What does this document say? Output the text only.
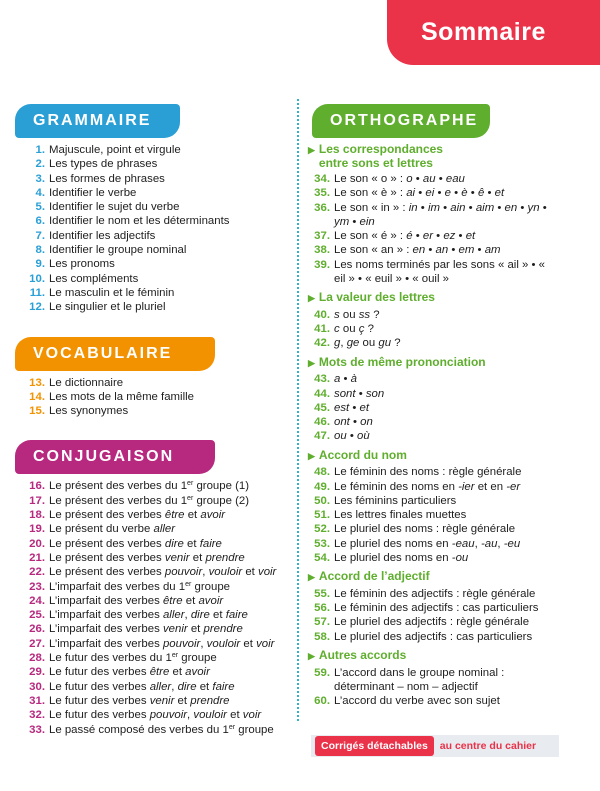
Sommaire
GRAMMAIRE
1. Majuscule, point et virgule
2. Les types de phrases
3. Les formes de phrases
4. Identifier le verbe
5. Identifier le sujet du verbe
6. Identifier le nom et les déterminants
7. Identifier les adjectifs
8. Identifier le groupe nominal
9. Les pronoms
10. Les compléments
11. Le masculin et le féminin
12. Le singulier et le pluriel
VOCABULAIRE
13. Le dictionnaire
14. Les mots de la même famille
15. Les synonymes
CONJUGAISON
16. Le présent des verbes du 1er groupe (1)
17. Le présent des verbes du 1er groupe (2)
18. Le présent des verbes être et avoir
19. Le présent du verbe aller
20. Le présent des verbes dire et faire
21. Le présent des verbes venir et prendre
22. Le présent des verbes pouvoir, vouloir et voir
23. L’imparfait des verbes du 1er groupe
24. L’imparfait des verbes être et avoir
25. L’imparfait des verbes aller, dire et faire
26. L’imparfait des verbes venir et prendre
27. L’imparfait des verbes pouvoir, vouloir et voir
28. Le futur des verbes du 1er groupe
29. Le futur des verbes être et avoir
30. Le futur des verbes aller, dire et faire
31. Le futur des verbes venir et prendre
32. Le futur des verbes pouvoir, vouloir et voir
33. Le passé composé des verbes du 1er groupe
ORTHOGRAPHE
▶ Les correspondances entre sons et lettres
34. Le son « o » : o • au • eau
35. Le son « è » : ai • ei • e • è • ê • et
36. Le son « in » : in • im • ain • aim • en • yn • ym • ein
37. Le son « é » : é • er • ez • et
38. Le son « an » : en • an • em • am
39. Les noms terminés par les sons « ail » • « eil » • « euil » • « ouil »
▶ La valeur des lettres
40. s ou ss ?
41. c ou ç ?
42. g, ge ou gu ?
▶ Mots de même prononciation
43. a • à
44. sont • son
45. est • et
46. ont • on
47. ou • où
▶ Accord du nom
48. Le féminin des noms : règle générale
49. Le féminin des noms en -ier et en -er
50. Les féminins particuliers
51. Les lettres finales muettes
52. Le pluriel des noms : règle générale
53. Le pluriel des noms en -eau, -au, -eu
54. Le pluriel des noms en -ou
▶ Accord de l’adjectif
55. Le féminin des adjectifs : règle générale
56. Le féminin des adjectifs : cas particuliers
57. Le pluriel des adjectifs : règle générale
58. Le pluriel des adjectifs : cas particuliers
▶ Autres accords
59. L’accord dans le groupe nominal : déterminant – nom – adjectif
60. L’accord du verbe avec son sujet
Corrigés détachables	au centre du cahier
